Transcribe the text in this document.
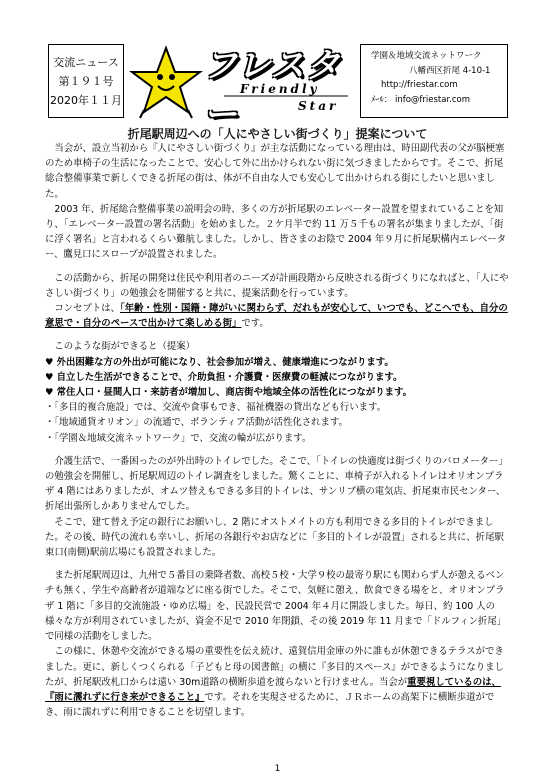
交流ニュース
第１９１号
2020年１１月
フレスター
Friendly
Star
学園＆地域交流ネットワーク
八幡西区折尾 4-10-1
http://friestar.com
ﾒｰﾙ： info@friestar.com
折尾駅周辺への「人にやさしい街づくり」提案について

当会が、設立当初から『人にやさしい街づくり』が主な活動になっている理由は、時田副代表の父が脳梗塞のため車椅子の生活になったことで、安心して外に出かけられない街に気づきましたからです。そこで、折尾総合整備事業で新しくできる折尾の街は、体が不自由な人でも安心して出かけられる街にしたいと思いました。

2003 年、折尾総合整備事業の説明会の時、多くの方が折尾駅のエレベーター設置を望まれていることを知り、「エレベーター設置の署名活動」を始めました。２ケ月半で約 11 万５千もの署名が集まりましたが、「街に浮く署名」と言われるくらい難航しました。しかし、皆さまのお陰で 2004 年９月に折尾駅構内エレベーター、鷹見口にスロープが設置されました。

この活動から、折尾の開発は住民や利用者のニーズが計画段階から反映される街づくりになればと、「人にやさしい街づくり」の勉強会を開催すると共に、提案活動を行っています。

コンセプトは、「年齢・性別・国籍・障がいに関わらず、だれもが安心して、いつでも、どこへでも、自分の意思で・自分のペースで出かけて楽しめる街」です。

このような街ができると（提案）

♥ 外出困難な方の外出が可能になり、社会参加が増え、健康増進につながります。
♥ 自立した生活ができることで、介助負担・介護費・医療費の軽減につながります。
♥ 常住人口・昼間人口・来訪者が増加し、商店街や地域全体の活性化につながります。
・「多目的複合施設」では、交流や食事もでき、福祉機器の貸出なども行います。
・「地域通貨オリオン」の流通で、ボランティア活動が活性化されます。
・「学園＆地域交流ネットワーク」で、交流の輪が広がります。

介護生活で、一番困ったのが外出時のトイレでした。そこで、「トイレの快適度は街づくりのバロメーター」の勉強会を開催し、折尾駅周辺のトイレ調査をしました。驚くことに、車椅子が入れるトイレはオリオンプラザ 4 階にはありましたが、オムツ替えもできる多目的トイレは、サンリブ横の電気店、折尾東市民センター、折尾出張所しかありませんでした。

そこで、建て替え予定の銀行にお願いし、2 階にオストメイトの方も利用できる多目的トイレができました。その後、時代の流れも幸いし、折尾の各銀行やお店などに「多目的トイレが設置」されると共に、折尾駅東口(南側)駅前広場にも設置されました。

また折尾駅周辺は、九州で５番目の乗降者数、高校５校・大学９校の最寄り駅にも関わらず人が憩えるベンチも無く、学生や高齢者が道端などに座る街でした。そこで、気軽に憩え、飲食できる場をと、オリオンプラザ 1 階に「多目的交流施設・ゆめ広場」を、民設民営で 2004 年４月に開設しました。毎日、約 100 人の様々な方が利用されていましたが、資金不足で 2010 年閉鎖、その後 2019 年 11 月まで「ドルフィン折尾」で同様の活動をしました。

この様に、休憩や交流ができる場の重要性を伝え続け、遠賀信用金庫の外に誰もが休憩できるテラスができました。更に、新しくつくられる「子どもと母の図書館」の横に『多目的スペース』ができるようになりましたが、折尾駅改札口からは遠い 30m道路の横断歩道を渡らないと行けません。当会が重要視しているのは、『雨に濡れずに行き来ができること』です。それを実現させるために、ＪＲホームの高架下に横断歩道ができ、雨に濡れずに利用できることを切望します。

1
